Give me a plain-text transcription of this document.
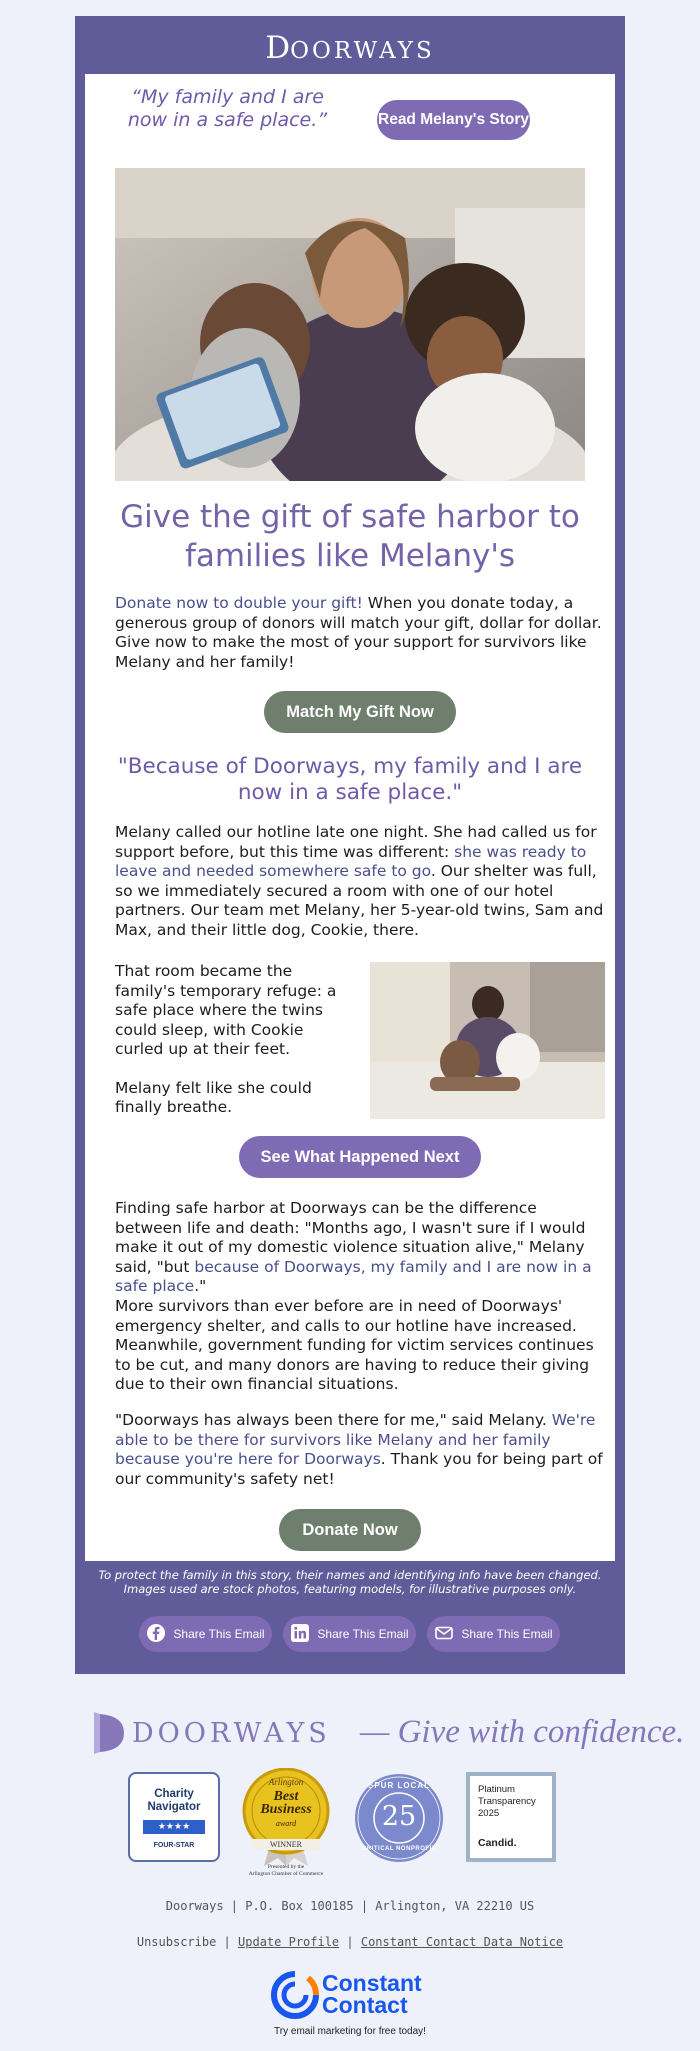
DOORWAYS
“My family and I are now in a safe place.”	Read Melany's Story
Give the gift of safe harbor to families like Melany's
Donate now to double your gift! When you donate today, a generous group of donors will match your gift, dollar for dollar. Give now to make the most of your support for survivors like Melany and her family!
Match My Gift Now
"Because of Doorways, my family and I are now in a safe place."
Melany called our hotline late one night. She had called us for support before, but this time was different: she was ready to leave and needed somewhere safe to go. Our shelter was full, so we immediately secured a room with one of our hotel partners. Our team met Melany, her 5-year-old twins, Sam and Max, and their little dog, Cookie, there.
That room became the family's temporary refuge: a safe place where the twins could sleep, with Cookie curled up at their feet.
Melany felt like she could finally breathe.
See What Happened Next
Finding safe harbor at Doorways can be the difference between life and death: "Months ago, I wasn't sure if I would make it out of my domestic violence situation alive," Melany said, "but because of Doorways, my family and I are now in a safe place."
More survivors than ever before are in need of Doorways' emergency shelter, and calls to our hotline have increased. Meanwhile, government funding for victim services continues to be cut, and many donors are having to reduce their giving due to their own financial situations.
"Doorways has always been there for me," said Melany. We're able to be there for survivors like Melany and her family because you're here for Doorways. Thank you for being part of our community's safety net!
Donate Now
To protect the family in this story, their names and identifying info have been changed.
Images used are stock photos, featuring models, for illustrative purposes only.
Share This Email	Share This Email	Share This Email
DOORWAYS — Give with confidence.
Charity
Navigator
★★★★
FOUR-STAR
Arlington
Best
Business
award
WINNER
Presented by the
Arlington Chamber of Commerce
SPUR LOCAL
25
CRITICAL NONPROFIT
Platinum
Transparency
2025
Candid.
Doorways | P.O. Box 100185 | Arlington, VA 22210 US
Unsubscribe | Update Profile | Constant Contact Data Notice
Constant
Contact
Try email marketing for free today!
